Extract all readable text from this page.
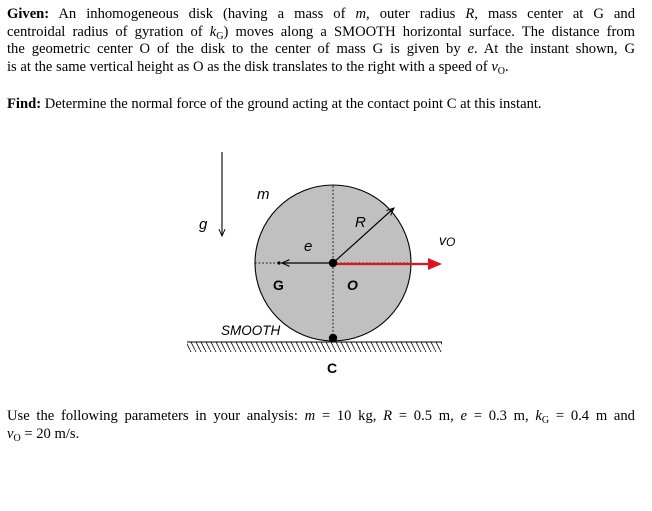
Given: An inhomogeneous disk (having a mass of m, outer radius R, mass center at G and
centroidal radius of gyration of $k_G$) moves along a SMOOTH horizontal surface. The distance from
the geometric center O of the disk to the center of mass G is given by e. At the instant shown, G
is at the same vertical height as O as the disk translates to the right with a speed of $v_O$.
Find: Determine the normal force of the ground acting at the contact point C at this instant.
m
g	R
e
G	O
vO
SMOOTH
C
Use the following parameters in your analysis: m = 10 kg, R = 0.5 m, e = 0.3 m, $k_G = 0.4$ m and
$v_O = 20$ m/s.
